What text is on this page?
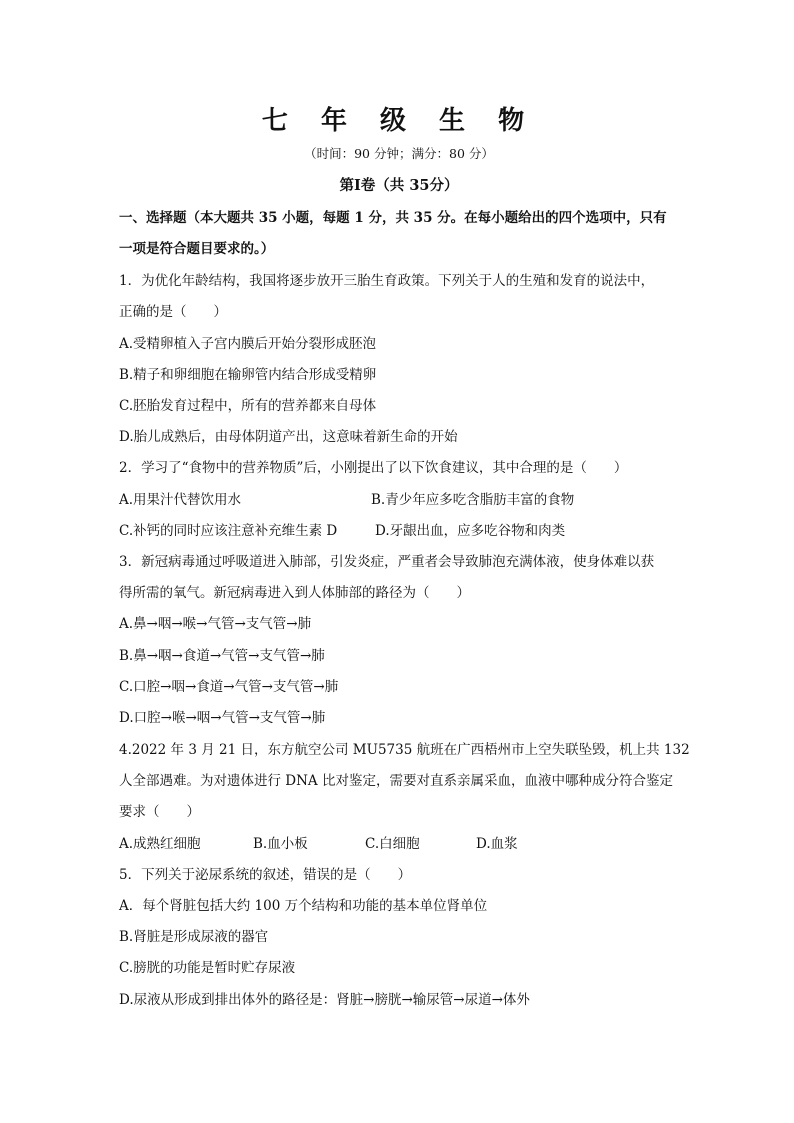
七 年 级 生 物
（时间：90 分钟；满分：80 分）
第Ⅰ卷（共 35分）
一、选择题（本大题共 35 小题，每题 1 分，共 35 分。在每小题给出的四个选项中，只有
一项是符合题目要求的。）
1．为优化年龄结构，我国将逐步放开三胎生育政策。下列关于人的生殖和发育的说法中，
正确的是（　　）
A.受精卵植入子宫内膜后开始分裂形成胚泡
B.精子和卵细胞在输卵管内结合形成受精卵
C.胚胎发育过程中，所有的营养都来自母体
D.胎儿成熟后，由母体阴道产出，这意味着新生命的开始
2．学习了“食物中的营养物质”后，小刚提出了以下饮食建议，其中合理的是（　　）
A.用果汁代替饮用水	B.青少年应多吃含脂肪丰富的食物
C.补钙的同时应该注意补充维生素 D	D.牙龈出血，应多吃谷物和肉类
3．新冠病毒通过呼吸道进入肺部，引发炎症，严重者会导致肺泡充满体液，使身体难以获
得所需的氧气。新冠病毒进入到人体肺部的路径为（　　）
A.鼻→咽→喉→气管→支气管→肺
B.鼻→咽→食道→气管→支气管→肺
C.口腔→咽→食道→气管→支气管→肺
D.口腔→喉→咽→气管→支气管→肺
4.2022 年 3 月 21 日，东方航空公司 MU5735 航班在广西梧州市上空失联坠毁，机上共 132
人全部遇难。为对遗体进行 DNA 比对鉴定，需要对直系亲属采血，血液中哪种成分符合鉴定
要求（　　）
A.成熟红细胞	B.血小板	C.白细胞	D.血浆
5．下列关于泌尿系统的叙述，错误的是（　　）
A．每个肾脏包括大约 100 万个结构和功能的基本单位肾单位
B.肾脏是形成尿液的器官
C.膀胱的功能是暂时贮存尿液
D.尿液从形成到排出体外的路径是：肾脏→膀胱→输尿管→尿道→体外
